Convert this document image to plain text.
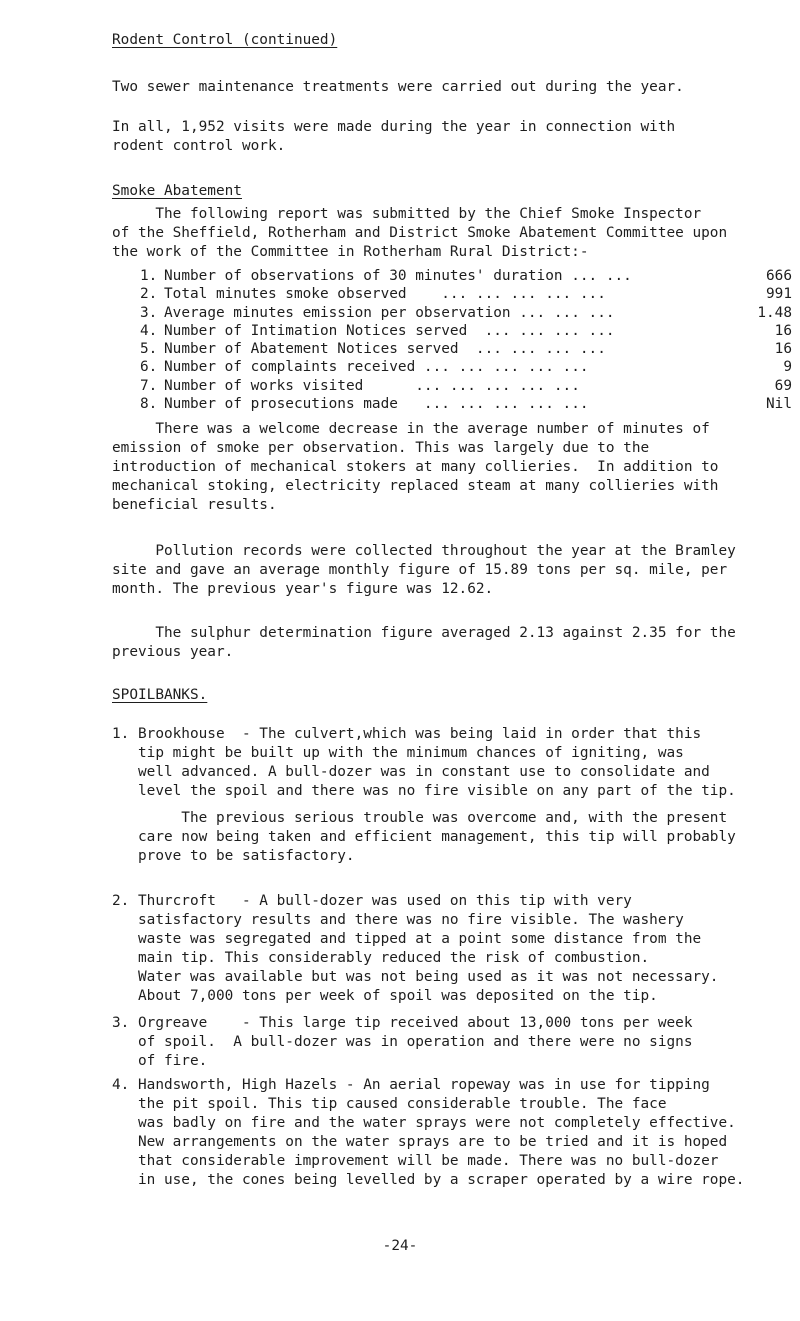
Rodent Control (continued)

Two sewer maintenance treatments were carried out during the year.

In all, 1,952 visits were made during the year in connection with
rodent control work.

Smoke Abatement

The following report was submitted by the Chief Smoke Inspector
of the Sheffield, Rotherham and District Smoke Abatement Committee upon
the work of the Committee in Rotherham Rural District:-

1. Number of observations of 30 minutes' duration ... ...	666
2. Total minutes smoke observed    ... ... ... ... ...	991
3. Average minutes emission per observation ... ... ...	1.48
4. Number of Intimation Notices served  ... ... ... ...	16
5. Number of Abatement Notices served  ... ... ... ...	16
6. Number of complaints received ... ... ... ... ...	9
7. Number of works visited      ... ... ... ... ...	69
8. Number of prosecutions made   ... ... ... ... ...	Nil

There was a welcome decrease in the average number of minutes of
emission of smoke per observation. This was largely due to the
introduction of mechanical stokers at many collieries.  In addition to
mechanical stoking, electricity replaced steam at many collieries with
beneficial results.

Pollution records were collected throughout the year at the Bramley
site and gave an average monthly figure of 15.89 tons per sq. mile, per
month. The previous year's figure was 12.62.

The sulphur determination figure averaged 2.13 against 2.35 for the
previous year.

SPOILBANKS.

1. Brookhouse  - The culvert,which was being laid in order that this
tip might be built up with the minimum chances of igniting, was
well advanced. A bull-dozer was in constant use to consolidate and
level the spoil and there was no fire visible on any part of the tip.

The previous serious trouble was overcome and, with the present
care now being taken and efficient management, this tip will probably
prove to be satisfactory.

2. Thurcroft   - A bull-dozer was used on this tip with very
satisfactory results and there was no fire visible. The washery
waste was segregated and tipped at a point some distance from the
main tip. This considerably reduced the risk of combustion.
Water was available but was not being used as it was not necessary.
About 7,000 tons per week of spoil was deposited on the tip.

3. Orgreave    - This large tip received about 13,000 tons per week
of spoil.  A bull-dozer was in operation and there were no signs
of fire.

4. Handsworth, High Hazels - An aerial ropeway was in use for tipping
the pit spoil. This tip caused considerable trouble. The face
was badly on fire and the water sprays were not completely effective.
New arrangements on the water sprays are to be tried and it is hoped
that considerable improvement will be made. There was no bull-dozer
in use, the cones being levelled by a scraper operated by a wire rope.

-24-
